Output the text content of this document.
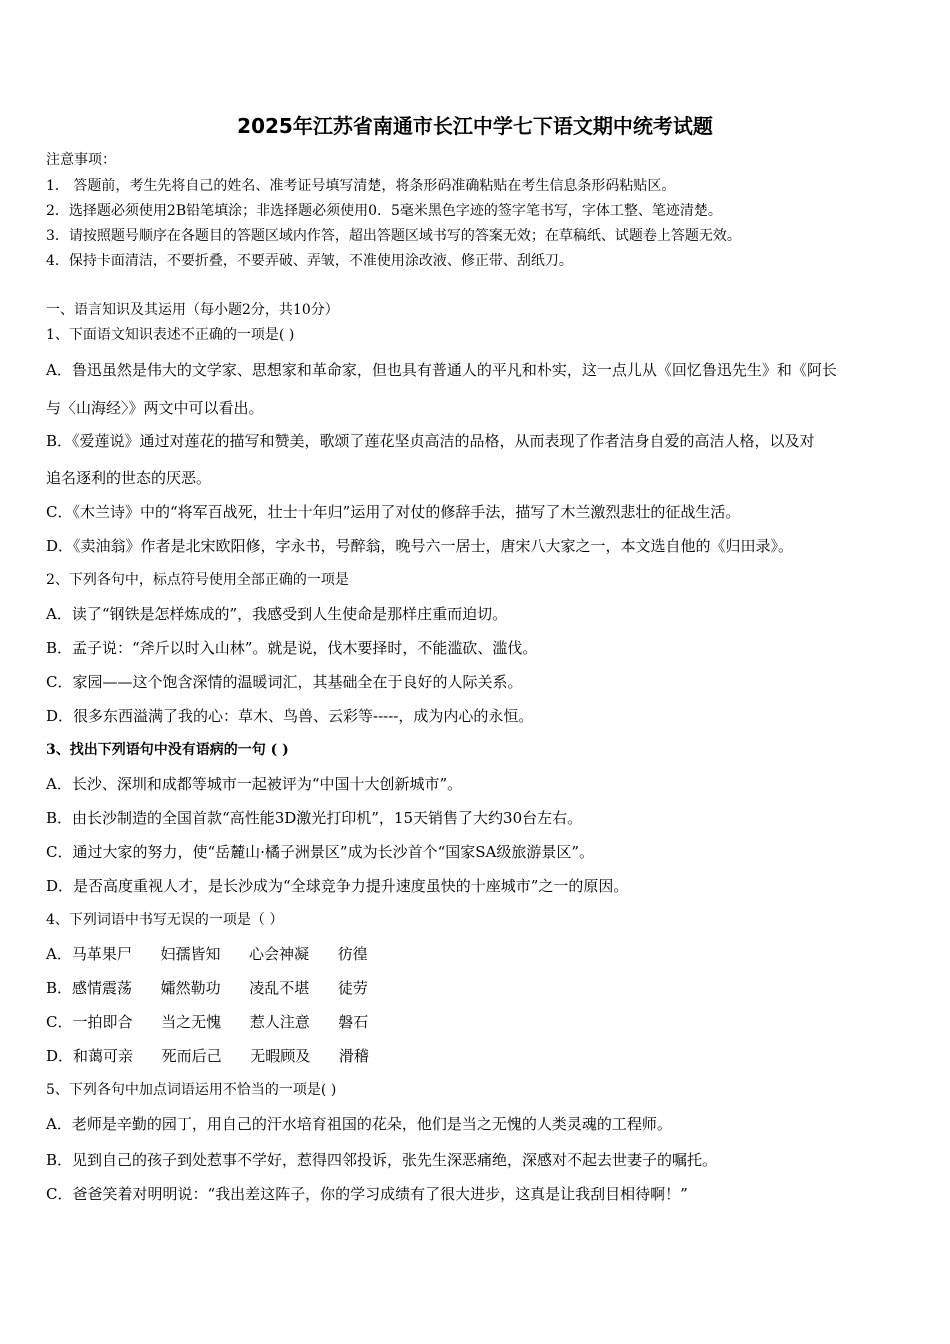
2025年江苏省南通市长江中学七下语文期中统考试题
注意事项：
1． 答题前，考生先将自己的姓名、准考证号填写清楚，将条形码准确粘贴在考生信息条形码粘贴区。
2．选择题必须使用2B铅笔填涂；非选择题必须使用0．5毫米黑色字迹的签字笔书写，字体工整、笔迹清楚。
3．请按照题号顺序在各题目的答题区域内作答，超出答题区域书写的答案无效；在草稿纸、试题卷上答题无效。
4．保持卡面清洁，不要折叠，不要弄破、弄皱，不准使用涂改液、修正带、刮纸刀。
一、语言知识及其运用（每小题2分，共10分）
1、下面语文知识表述不正确的一项是( )
A．鲁迅虽然是伟大的文学家、思想家和革命家，但也具有普通人的平凡和朴实，这一点儿从《回忆鲁迅先生》和《阿长
与〈山海经〉》两文中可以看出。
B．《爱莲说》通过对莲花的描写和赞美，歌颂了莲花坚贞高洁的品格，从而表现了作者洁身自爱的高洁人格，以及对
追名逐利的世态的厌恶。
C．《木兰诗》中的“将军百战死，壮士十年归”运用了对仗的修辞手法，描写了木兰激烈悲壮的征战生活。
D．《卖油翁》作者是北宋欧阳修，字永书，号醉翁，晚号六一居士，唐宋八大家之一，本文选自他的《归田录》。
2、下列各句中，标点符号使用全部正确的一项是
A．读了“钢铁是怎样炼成的”，我感受到人生使命是那样庄重而迫切。
B．孟子说：“斧斤以时入山林”。就是说，伐木要择时，不能滥砍、滥伐。
C．家园——这个饱含深情的温暖词汇，其基础全在于良好的人际关系。
D．很多东西溢满了我的心：草木、鸟兽、云彩等-----，成为内心的永恒。
3、找出下列语句中没有语病的一句 ( )
A．长沙、深圳和成都等城市一起被评为“中国十大创新城市”。
B．由长沙制造的全国首款“高性能3D激光打印机”，15天销售了大约30台左右。
C．通过大家的努力，使“岳麓山·橘子洲景区”成为长沙首个“国家SA级旅游景区”。
D．是否高度重视人才，是长沙成为“全球竞争力提升速度虽快的十座城市”之一的原因。
4、下列词语中书写无误的一项是（ ）
A．马革果尸      妇孺皆知      心会神凝      彷徨
B．感情震荡      孀然勒功      凌乱不堪      徒劳
C．一拍即合      当之无愧      惹人注意      磐石
D．和蔼可亲      死而后己      无暇顾及      滑稽
5、下列各句中加点词语运用不恰当的一项是( )
A．老师是辛勤的园丁，用自己的汗水培育祖国的花朵，他们是当之无愧的人类灵魂的工程师。
B．见到自己的孩子到处惹事不学好，惹得四邻投诉，张先生深恶痛绝，深感对不起去世妻子的嘱托。
C．爸爸笑着对明明说：“我出差这阵子，你的学习成绩有了很大进步，这真是让我刮目相待啊！”
